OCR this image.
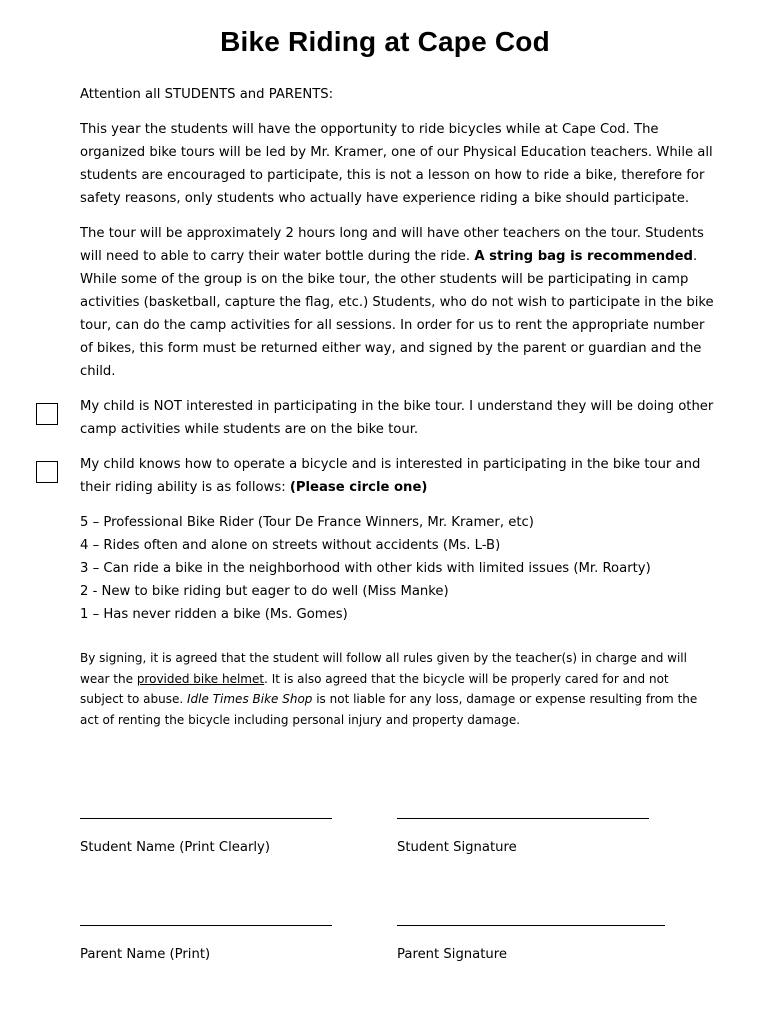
Bike Riding at Cape Cod
Attention all STUDENTS and PARENTS:
This year the students will have the opportunity to ride bicycles while at Cape Cod. The organized bike tours will be led by Mr. Kramer, one of our Physical Education teachers. While all students are encouraged to participate, this is not a lesson on how to ride a bike, therefore for safety reasons, only students who actually have experience riding a bike should participate.
The tour will be approximately 2 hours long and will have other teachers on the tour. Students will need to able to carry their water bottle during the ride. A string bag is recommended. While some of the group is on the bike tour, the other students will be participating in camp activities (basketball, capture the flag, etc.) Students, who do not wish to participate in the bike tour, can do the camp activities for all sessions. In order for us to rent the appropriate number of bikes, this form must be returned either way, and signed by the parent or guardian and the child.
My child is NOT interested in participating in the bike tour. I understand they will be doing other camp activities while students are on the bike tour.
My child knows how to operate a bicycle and is interested in participating in the bike tour and their riding ability is as follows: (Please circle one)
5 – Professional Bike Rider (Tour De France Winners, Mr. Kramer, etc)
4 – Rides often and alone on streets without accidents (Ms. L-B)
3 – Can ride a bike in the neighborhood with other kids with limited issues (Mr. Roarty)
2 - New to bike riding but eager to do well (Miss Manke)
1 – Has never ridden a bike (Ms. Gomes)
By signing, it is agreed that the student will follow all rules given by the teacher(s) in charge and will wear the provided bike helmet. It is also agreed that the bicycle will be properly cared for and not subject to abuse. Idle Times Bike Shop is not liable for any loss, damage or expense resulting from the act of renting the bicycle including personal injury and property damage.
Student Name (Print Clearly)	Student Signature
Parent Name (Print)	Parent Signature
